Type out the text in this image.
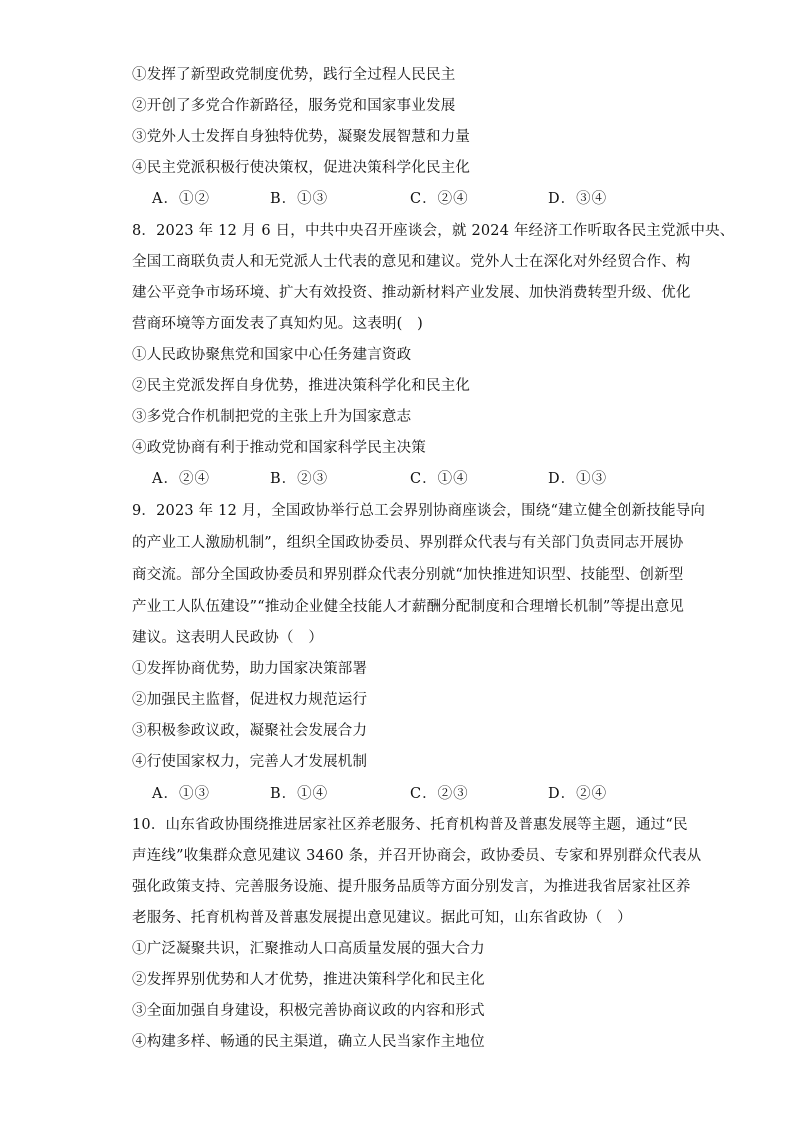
①发挥了新型政党制度优势，践行全过程人民民主
②开创了多党合作新路径，服务党和国家事业发展
③党外人士发挥自身独特优势，凝聚发展智慧和力量
④民主党派积极行使决策权，促进决策科学化民主化
A．①②	B．①③	C．②④	D．③④
8．2023 年 12 月 6 日，中共中央召开座谈会，就 2024 年经济工作听取各民主党派中央、
全国工商联负责人和无党派人士代表的意见和建议。党外人士在深化对外经贸合作、构
建公平竞争市场环境、扩大有效投资、推动新材料产业发展、加快消费转型升级、优化
营商环境等方面发表了真知灼见。这表明(　)
①人民政协聚焦党和国家中心任务建言资政
②民主党派发挥自身优势，推进决策科学化和民主化
③多党合作机制把党的主张上升为国家意志
④政党协商有利于推动党和国家科学民主决策
A．②④	B．②③	C．①④	D．①③
9．2023 年 12 月，全国政协举行总工会界别协商座谈会，围绕“建立健全创新技能导向
的产业工人激励机制”，组织全国政协委员、界别群众代表与有关部门负责同志开展协
商交流。部分全国政协委员和界别群众代表分别就“加快推进知识型、技能型、创新型
产业工人队伍建设”“推动企业健全技能人才薪酬分配制度和合理增长机制”等提出意见
建议。这表明人民政协（　）
①发挥协商优势，助力国家决策部署
②加强民主监督，促进权力规范运行
③积极参政议政，凝聚社会发展合力
④行使国家权力，完善人才发展机制
A．①③	B．①④	C．②③	D．②④
10．山东省政协围绕推进居家社区养老服务、托育机构普及普惠发展等主题，通过“民
声连线”收集群众意见建议 3460 条，并召开协商会，政协委员、专家和界别群众代表从
强化政策支持、完善服务设施、提升服务品质等方面分别发言，为推进我省居家社区养
老服务、托育机构普及普惠发展提出意见建议。据此可知，山东省政协（　）
①广泛凝聚共识，汇聚推动人口高质量发展的强大合力
②发挥界别优势和人才优势，推进决策科学化和民主化
③全面加强自身建设，积极完善协商议政的内容和形式
④构建多样、畅通的民主渠道，确立人民当家作主地位
